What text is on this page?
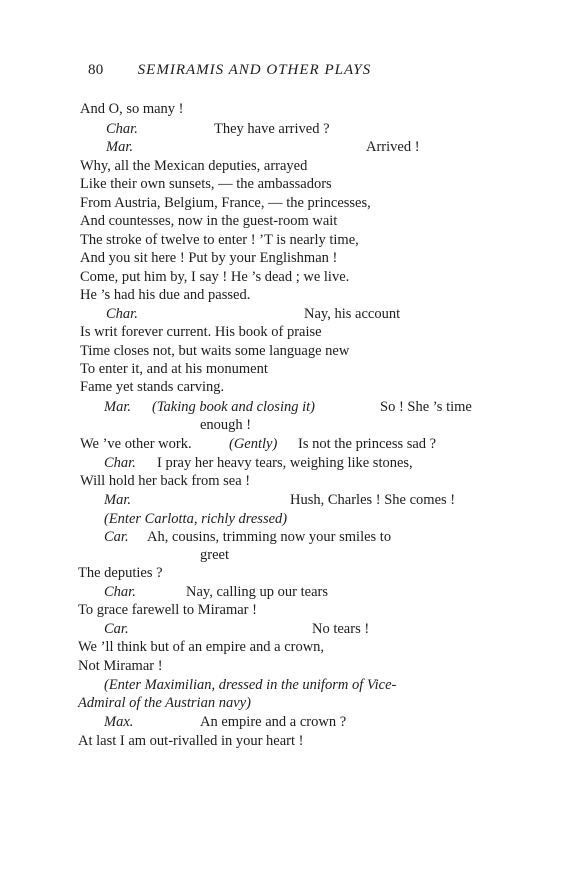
80 SEMIRAMIS AND OTHER PLAYS
And O, so many !
Char.	They have arrived ?
Mar.	Arrived !
Why, all the Mexican deputies, arrayed
Like their own sunsets, — the ambassadors
From Austria, Belgium, France, — the princesses,
And countesses, now in the guest-room wait
The stroke of twelve to enter ! ’T is nearly time,
And you sit here ! Put by your Englishman !
Come, put him by, I say ! He ’s dead ; we live.
He ’s had his due and passed.
Char.	Nay, his account
Is writ forever current. His book of praise
Time closes not, but waits some language new
To enter it, and at his monument
Fame yet stands carving.
Mar. (Taking book and closing it)	So ! She ’s time
enough !
We ’ve other work.	(Gently) Is not the princess sad ?
Char. I pray her heavy tears, weighing like stones,
Will hold her back from sea !
Mar.	Hush, Charles ! She comes !
(Enter Carlotta, richly dressed)
Car. Ah, cousins, trimming now your smiles to
greet
The deputies ?
Char.	Nay, calling up our tears
To grace farewell to Miramar !
Car.	No tears !
We ’ll think but of an empire and a crown,
Not Miramar !
(Enter Maximilian, dressed in the uniform of Vice-
Admiral of the Austrian navy)
Max.	An empire and a crown ?
At last I am out-rivalled in your heart !
